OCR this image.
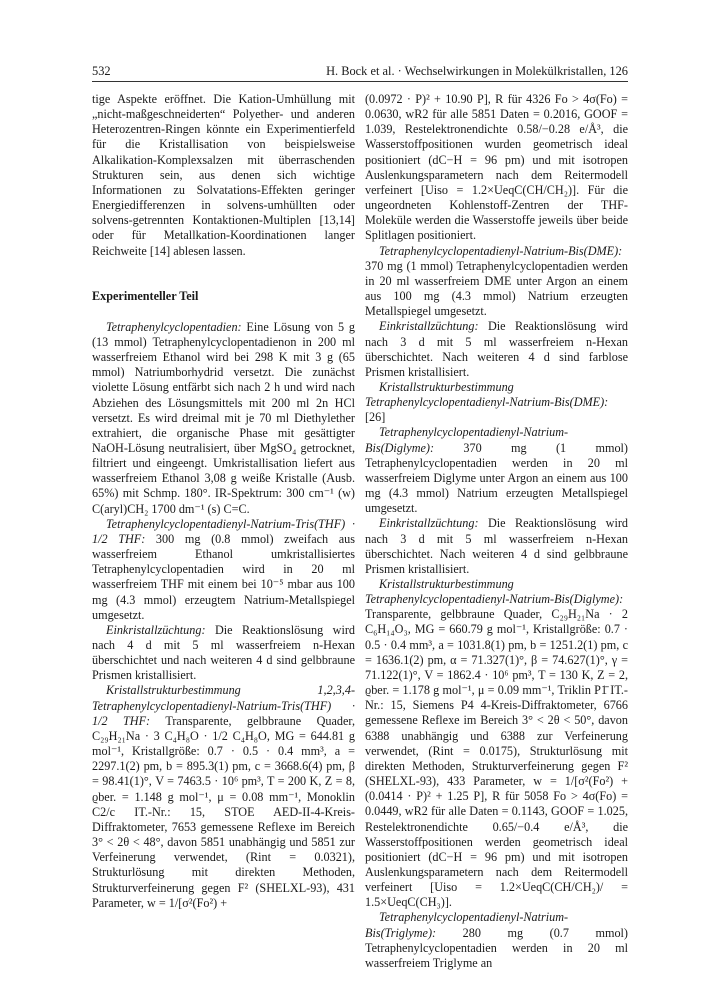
532	H. Bock et al. · Wechselwirkungen in Molekülkristallen, 126

tige Aspekte eröffnet. Die Kation-Umhüllung mit „nicht-maßgeschneiderten“ Polyether- und anderen Heterozentren-Ringen könnte ein Experimentierfeld für die Kristallisation von beispielsweise Alkalikation-Komplexsalzen mit überraschenden Strukturen sein, aus denen sich wichtige Informationen zu Solvatations-Effekten geringer Energiedifferenzen in solvens-umhüllten oder solvens-getrennten Kontaktionen-Multiplen [13,14] oder für Metallkation-Koordinationen langer Reichweite [14] ablesen lassen.

Experimenteller Teil

Tetraphenylcyclopentadien: Eine Lösung von 5 g (13 mmol) Tetraphenylcyclopentadienon in 200 ml wasserfreiem Ethanol wird bei 298 K mit 3 g (65 mmol) Natriumborhydrid versetzt. Die zunächst violette Lösung entfärbt sich nach 2 h und wird nach Abziehen des Lösungsmittels mit 200 ml 2n HCl versetzt. Es wird dreimal mit je 70 ml Diethylether extrahiert, die organische Phase mit gesättigter NaOH-Lösung neutralisiert, über MgSO₄ getrocknet, filtriert und eingeengt. Umkristallisation liefert aus wasserfreiem Ethanol 3,08 g weiße Kristalle (Ausb. 65%) mit Schmp. 180°. IR-Spektrum: 300 cm⁻¹ (w) C(aryl)CH₂ 1700 dm⁻¹ (s) C=C.

Tetraphenylcyclopentadienyl-Natrium-Tris(THF) · 1/2 THF: 300 mg (0.8 mmol) zweifach aus wasserfreiem Ethanol umkristallisiertes Tetraphenylcyclopentadien wird in 20 ml wasserfreiem THF mit einem bei 10⁻⁵ mbar aus 100 mg (4.3 mmol) erzeugtem Natrium-Metallspiegel umgesetzt.

Einkristallzüchtung: Die Reaktionslösung wird nach 4 d mit 5 ml wasserfreiem n-Hexan überschichtet und nach weiteren 4 d sind gelbbraune Prismen kristallisiert.

Kristallstrukturbestimmung 1,2,3,4-Tetraphenylcyclopentadienyl-Natrium-Tris(THF) · 1/2 THF: Transparente, gelbbraune Quader, C₂₉H₂₁Na · 3 C₄H₈O · 1/2 C₄H₈O, MG = 644.81 g mol⁻¹, Kristallgröße: 0.7 · 0.5 · 0.4 mm³, a = 2297.1(2) pm, b = 895.3(1) pm, c = 3668.6(4) pm, β = 98.41(1)°, V = 7463.5 · 10⁶ pm³, T = 200 K, Z = 8, ϱber. = 1.148 g mol⁻¹, μ = 0.08 mm⁻¹, Monoklin C2/c IT.-Nr.: 15, STOE AED-II-4-Kreis-Diffraktometer, 7653 gemessene Reflexe im Bereich 3° < 2θ < 48°, davon 5851 unabhängig und 5851 zur Verfeinerung verwendet, (Rint = 0.0321), Strukturlösung mit direkten Methoden, Strukturverfeinerung gegen F² (SHELXL-93), 431 Parameter, w = 1/[σ²(Fo²) +

(0.0972 · P)² + 10.90 P], R für 4326 Fo > 4σ(Fo) = 0.0630, wR2 für alle 5851 Daten = 0.2016, GOOF = 1.039, Restelektronendichte 0.58/−0.28 e/Å³, die Wasserstoffpositionen wurden geometrisch ideal positioniert (dC−H = 96 pm) und mit isotropen Auslenkungsparametern nach dem Reitermodell verfeinert [Uiso = 1.2×UeqC(CH/CH₂)]. Für die ungeordneten Kohlenstoff-Zentren der THF-Moleküle werden die Wasserstoffe jeweils über beide Splitlagen positioniert.

Tetraphenylcyclopentadienyl-Natrium-Bis(DME): 370 mg (1 mmol) Tetraphenylcyclopentadien werden in 20 ml wasserfreiem DME unter Argon an einem aus 100 mg (4.3 mmol) Natrium erzeugten Metallspiegel umgesetzt.

Einkristallzüchtung: Die Reaktionslösung wird nach 3 d mit 5 ml wasserfreiem n-Hexan überschichtet. Nach weiteren 4 d sind farblose Prismen kristallisiert.

Kristallstrukturbestimmung Tetraphenylcyclopentadienyl-Natrium-Bis(DME): [26]

Tetraphenylcyclopentadienyl-Natrium-Bis(Diglyme): 370 mg (1 mmol) Tetraphenylcyclopentadien werden in 20 ml wasserfreiem Diglyme unter Argon an einem aus 100 mg (4.3 mmol) Natrium erzeugten Metallspiegel umgesetzt.

Einkristallzüchtung: Die Reaktionslösung wird nach 3 d mit 5 ml wasserfreiem n-Hexan überschichtet. Nach weiteren 4 d sind gelbbraune Prismen kristallisiert.

Kristallstrukturbestimmung Tetraphenylcyclopentadienyl-Natrium-Bis(Diglyme): Transparente, gelbbraune Quader, C₂₉H₂₁Na · 2 C₆H₁₄O₃, MG = 660.79 g mol⁻¹, Kristallgröße: 0.7 · 0.5 · 0.4 mm³, a = 1031.8(1) pm, b = 1251.2(1) pm, c = 1636.1(2) pm, α = 71.327(1)°, β = 74.627(1)°, γ = 71.122(1)°, V = 1862.4 · 10⁶ pm³, T = 130 K, Z = 2, ϱber. = 1.178 g mol⁻¹, μ = 0.09 mm⁻¹, Triklin P1̄ IT.-Nr.: 15, Siemens P4 4-Kreis-Diffraktometer, 6766 gemessene Reflexe im Bereich 3° < 2θ < 50°, davon 6388 unabhängig und 6388 zur Verfeinerung verwendet, (Rint = 0.0175), Strukturlösung mit direkten Methoden, Strukturverfeinerung gegen F² (SHELXL-93), 433 Parameter, w = 1/[σ²(Fo²) + (0.0414 · P)² + 1.25 P], R für 5058 Fo > 4σ(Fo) = 0.0449, wR2 für alle Daten = 0.1143, GOOF = 1.025, Restelektronendichte 0.65/−0.4 e/Å³, die Wasserstoffpositionen werden geometrisch ideal positioniert (dC−H = 96 pm) und mit isotropen Auslenkungsparametern nach dem Reitermodell verfeinert [Uiso = 1.2×UeqC(CH/CH₂)/ = 1.5×UeqC(CH₃)].

Tetraphenylcyclopentadienyl-Natrium-Bis(Triglyme): 280 mg (0.7 mmol) Tetraphenylcyclopentadien werden in 20 ml wasserfreiem Triglyme an
